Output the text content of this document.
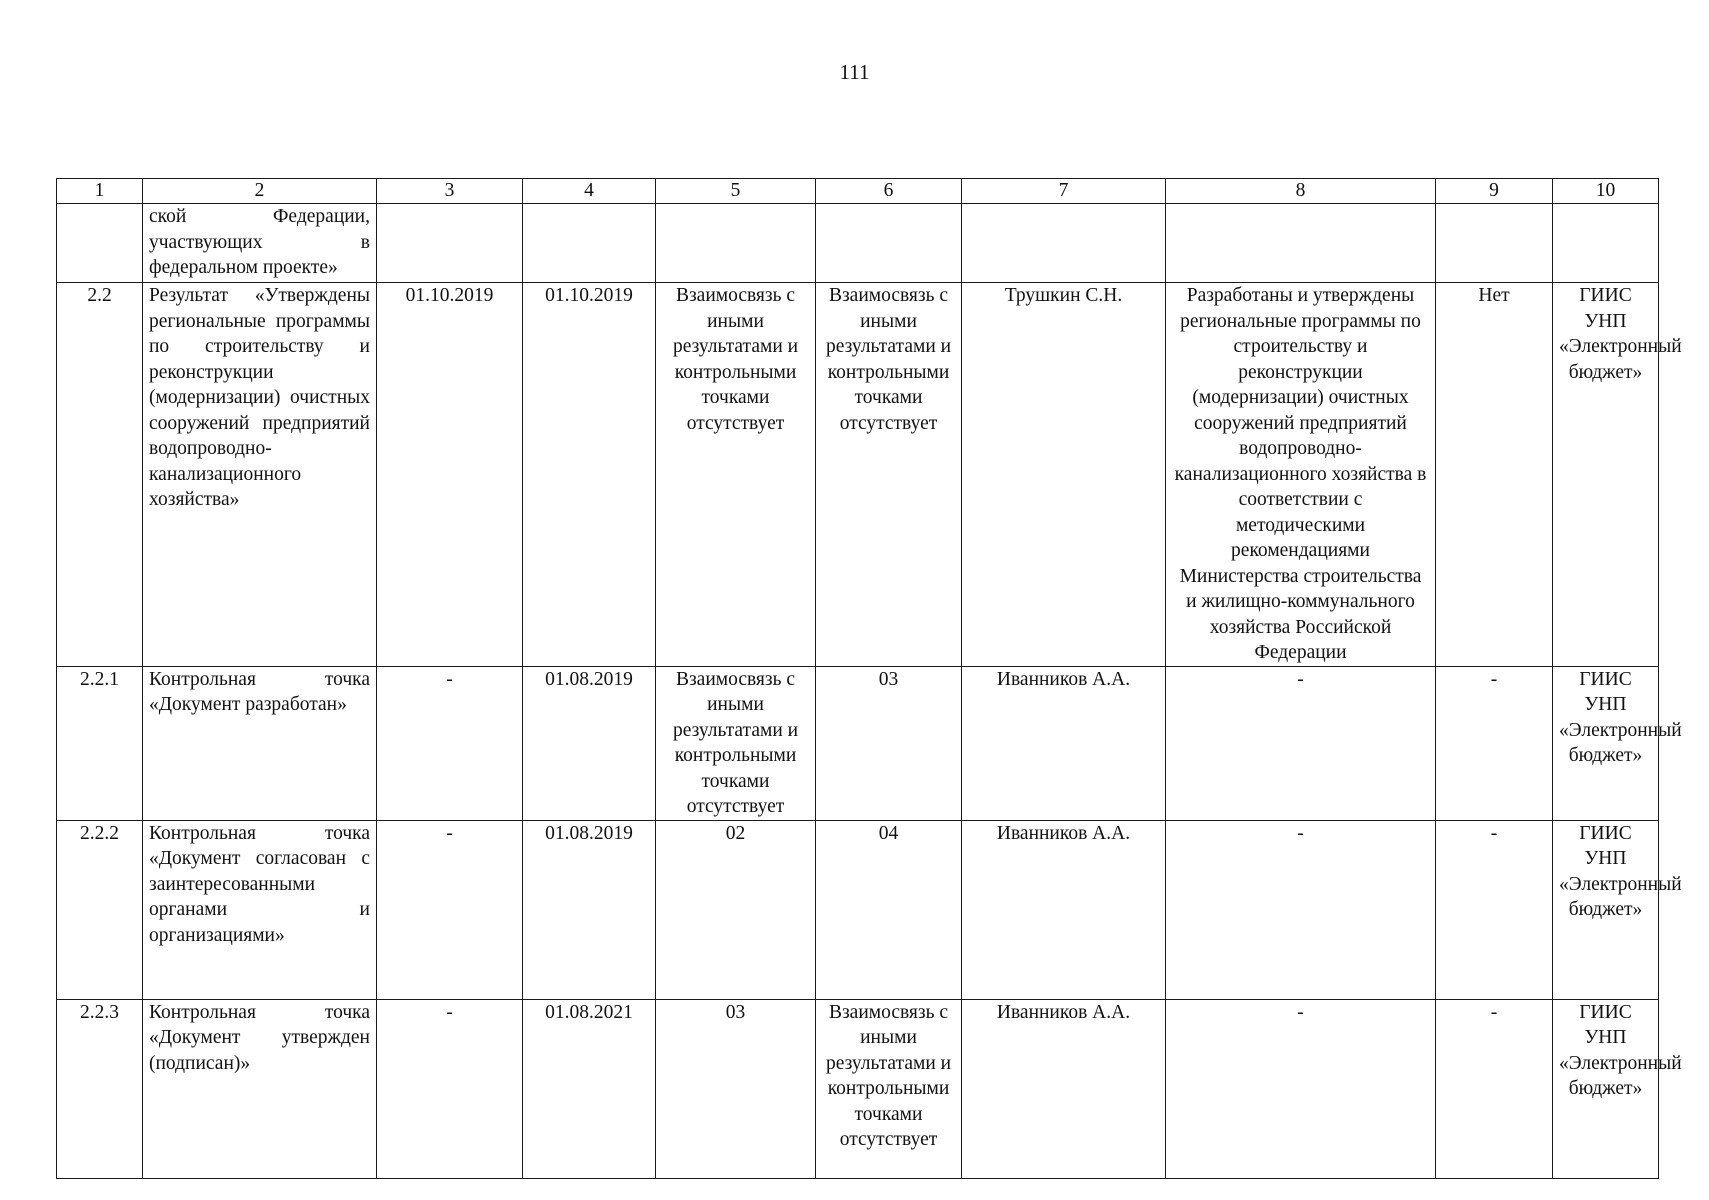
111
1	2	3	4	5	6	7	8	9	10
	ской Федерации, участвующих в федеральном проекте»								
2.2	Результат «Утверждены региональные программы по строительству и реконструкции (модернизации) очистных сооружений предприятий водопроводно-канализационного хозяйства»	01.10.2019	01.10.2019	Взаимосвязь с иными результатами и контрольными точками отсутствует	Взаимосвязь с иными результатами и контрольными точками отсутствует	Трушкин С.Н.	Разработаны и утверждены региональные программы по строительству и реконструкции (модернизации) очистных сооружений предприятий водопроводно-канализационного хозяйства в соответствии с методическими рекомендациями Министерства строительства и жилищно-коммунального хозяйства Российской Федерации	Нет	ГИИС УНП «Электронный бюджет»
2.2.1	Контрольная точка «Документ разработан»	-	01.08.2019	Взаимосвязь с иными результатами и контрольными точками отсутствует	03	Иванников А.А.	-	-	ГИИС УНП «Электронный бюджет»
2.2.2	Контрольная точка «Документ согласован с заинтересованными органами и организациями»	-	01.08.2019	02	04	Иванников А.А.	-	-	ГИИС УНП «Электронный бюджет»
2.2.3	Контрольная точка «Документ утвержден (подписан)»	-	01.08.2021	03	Взаимосвязь с иными результатами и контрольными точками отсутствует	Иванников А.А.	-	-	ГИИС УНП «Электронный бюджет»
